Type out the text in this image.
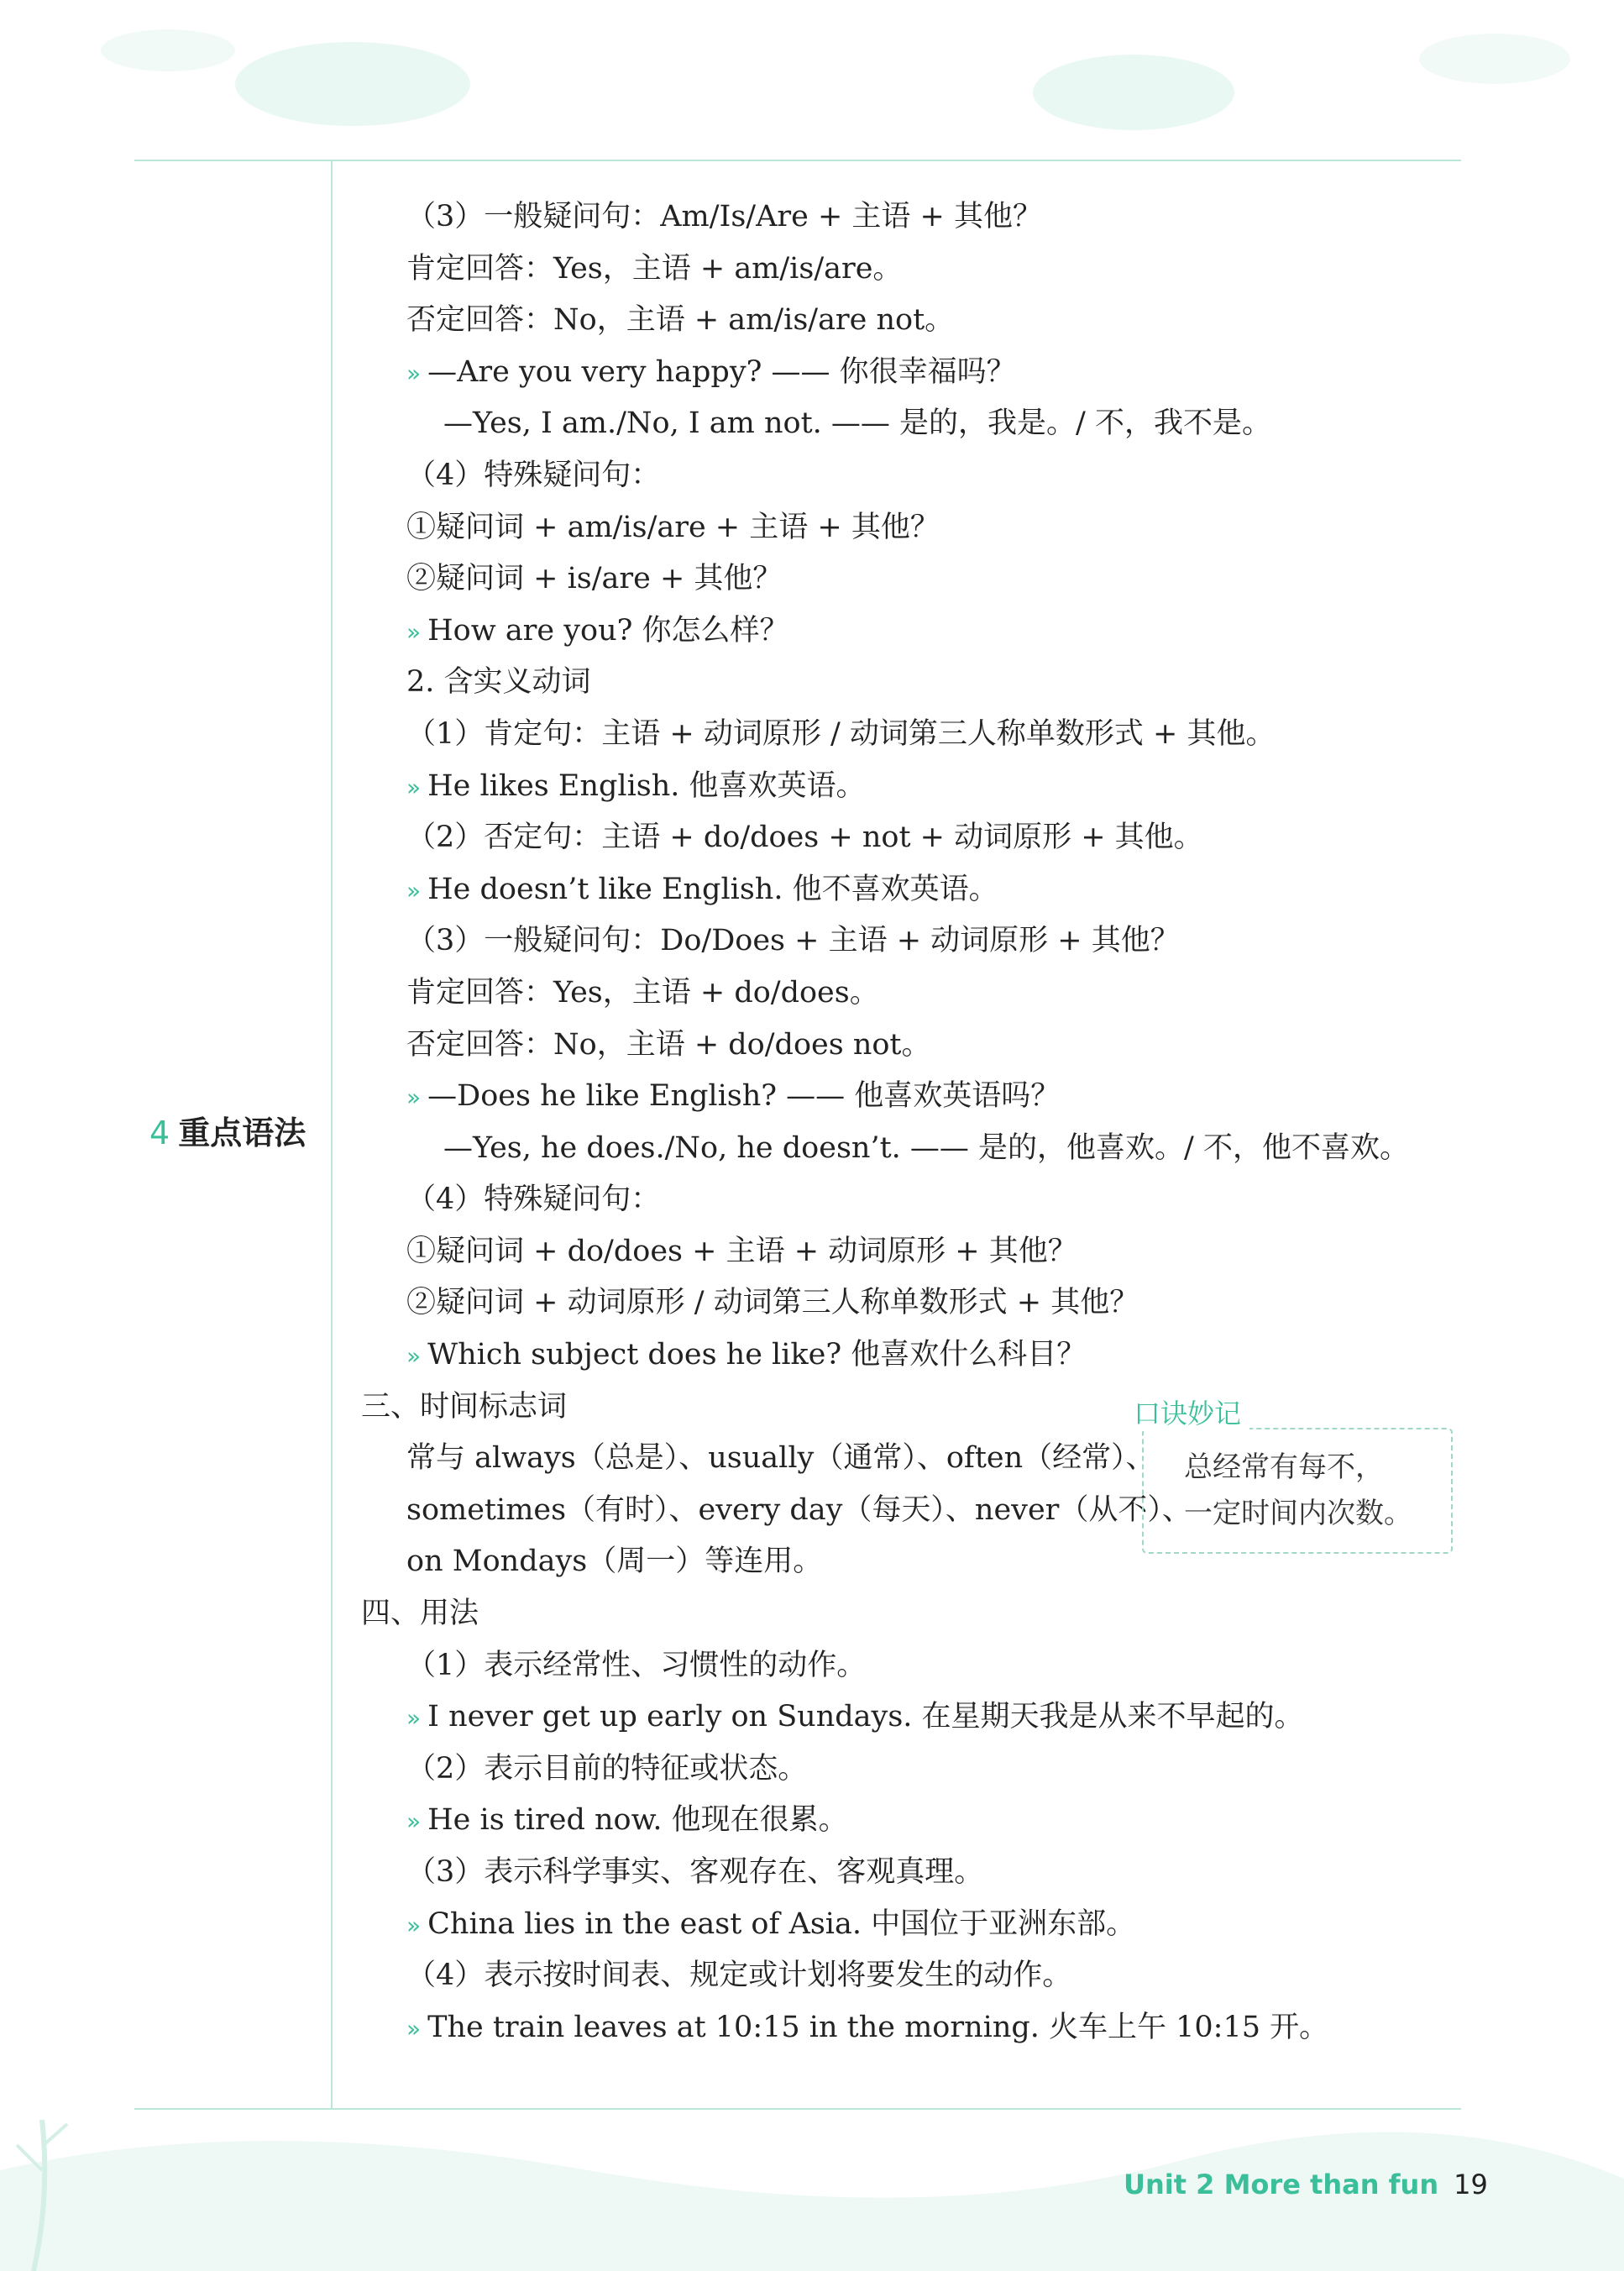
4 重点语法
（3）一般疑问句：Am/Is/Are + 主语 + 其他？
肯定回答：Yes，主语 + am/is/are。
否定回答：No，主语 + am/is/are not。
» —Are you very happy? —— 你很幸福吗？
—Yes, I am./No, I am not. —— 是的，我是。/ 不，我不是。
（4）特殊疑问句：
①疑问词 + am/is/are + 主语 + 其他？
②疑问词 + is/are + 其他？
» How are you? 你怎么样？
2. 含实义动词
（1）肯定句：主语 + 动词原形 / 动词第三人称单数形式 + 其他。
» He likes English. 他喜欢英语。
（2）否定句：主语 + do/does + not + 动词原形 + 其他。
» He doesn’t like English. 他不喜欢英语。
（3）一般疑问句：Do/Does + 主语 + 动词原形 + 其他？
肯定回答：Yes，主语 + do/does。
否定回答：No，主语 + do/does not。
» —Does he like English? —— 他喜欢英语吗？
—Yes, he does./No, he doesn’t. —— 是的，他喜欢。/ 不，他不喜欢。
（4）特殊疑问句：
①疑问词 + do/does + 主语 + 动词原形 + 其他？
②疑问词 + 动词原形 / 动词第三人称单数形式 + 其他？
» Which subject does he like? 他喜欢什么科目？
三、时间标志词
常与 always（总是）、usually（通常）、often（经常）、
sometimes（有时）、every day（每天）、never（从不）、
on Mondays（周一）等连用。
四、用法
（1）表示经常性、习惯性的动作。
» I never get up early on Sundays. 在星期天我是从来不早起的。
（2）表示目前的特征或状态。
» He is tired now. 他现在很累。
（3）表示科学事实、客观存在、客观真理。
» China lies in the east of Asia. 中国位于亚洲东部。
（4）表示按时间表、规定或计划将要发生的动作。
» The train leaves at 10:15 in the morning. 火车上午 10:15 开。
口诀妙记
总经常有每不，
一定时间内次数。
Unit 2 More than fun 19
